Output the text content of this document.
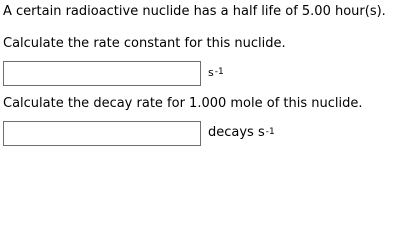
A certain radioactive nuclide has a half life of 5.00 hour(s).
Calculate the rate constant for this nuclide.
$s^{-1}$
Calculate the decay rate for 1.000 mole of this nuclide.
decays $s^{-1}$
